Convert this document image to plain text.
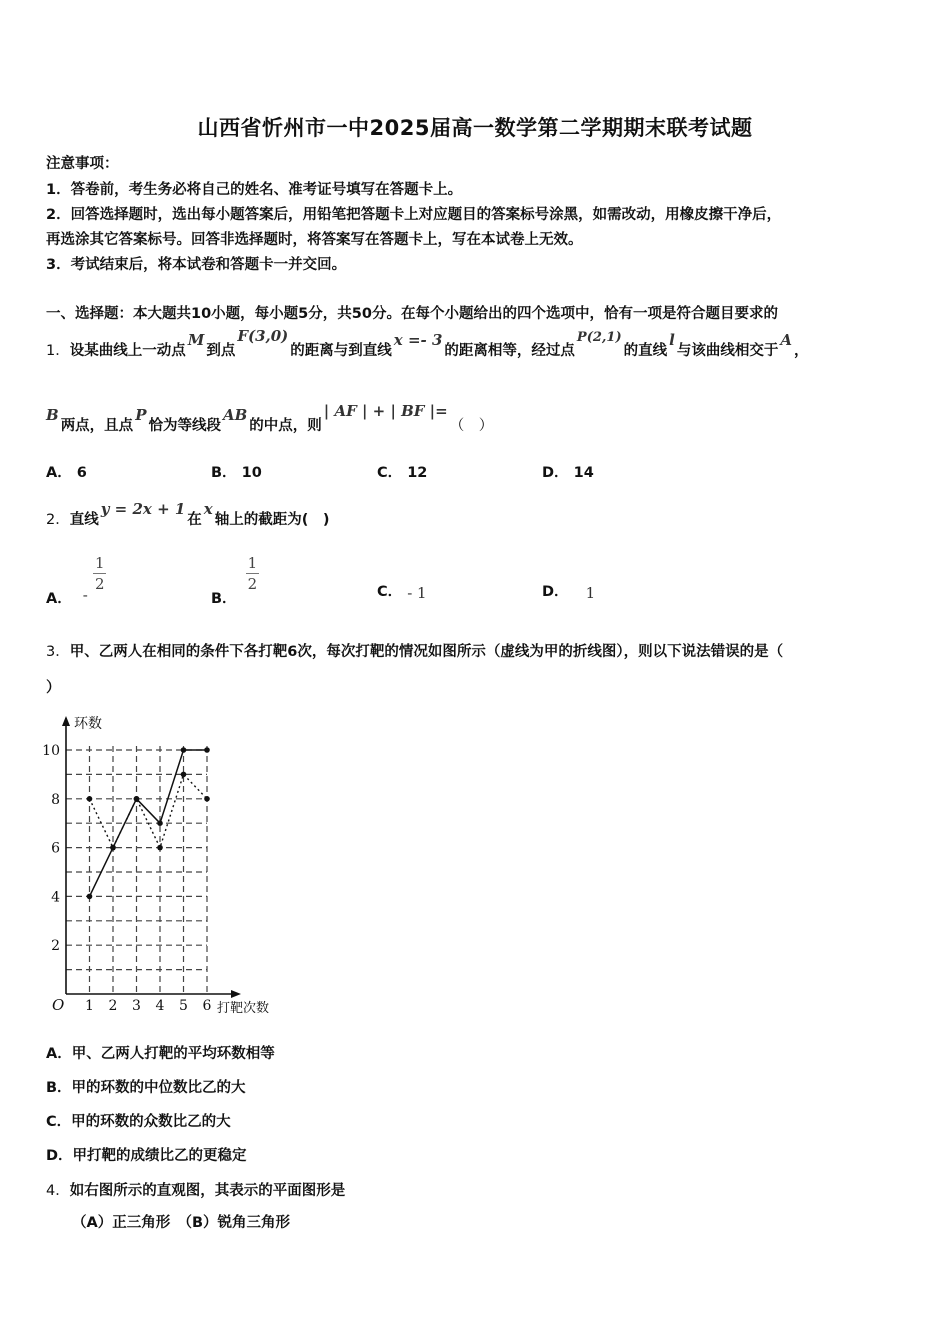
山西省忻州市一中2025届高一数学第二学期期末联考试题
注意事项：
1．答卷前，考生务必将自己的姓名、准考证号填写在答题卡上。
2．回答选择题时，选出每小题答案后，用铅笔把答题卡上对应题目的答案标号涂黑，如需改动，用橡皮擦干净后，
再选涂其它答案标号。回答非选择题时，将答案写在答题卡上，写在本试卷上无效。
3．考试结束后，将本试卷和答题卡一并交回。
一、选择题：本大题共10小题，每小题5分，共50分。在每个小题给出的四个选项中，恰有一项是符合题目要求的
1．设某曲线上一动点M到点F(3,0)的距离与到直线x =- 3的距离相等，经过点P(2,1)的直线l与该曲线相交于A，
B两点，且点P恰为等线段AB的中点，则| AF | + | BF |=（　）
A． 6	B． 10	C． 12	D． 14
2．直线y = 2x + 1在x轴上的截距为(　)
A． -
$\frac{1}{2}$
B．
$\frac{1}{2}$	C． - 1	D． 1
3．甲、乙两人在相同的条件下各打靶6次，每次打靶的情况如图所示（虚线为甲的折线图），则以下说法错误的是（
）
环数
打靶次数
O
2
4
6
8
10
1 2 3 4 5 6
A．甲、乙两人打靶的平均环数相等
B．甲的环数的中位数比乙的大
C．甲的环数的众数比乙的大
D．甲打靶的成绩比乙的更稳定
4．如右图所示的直观图，其表示的平面图形是
（A）正三角形　（B）锐角三角形
